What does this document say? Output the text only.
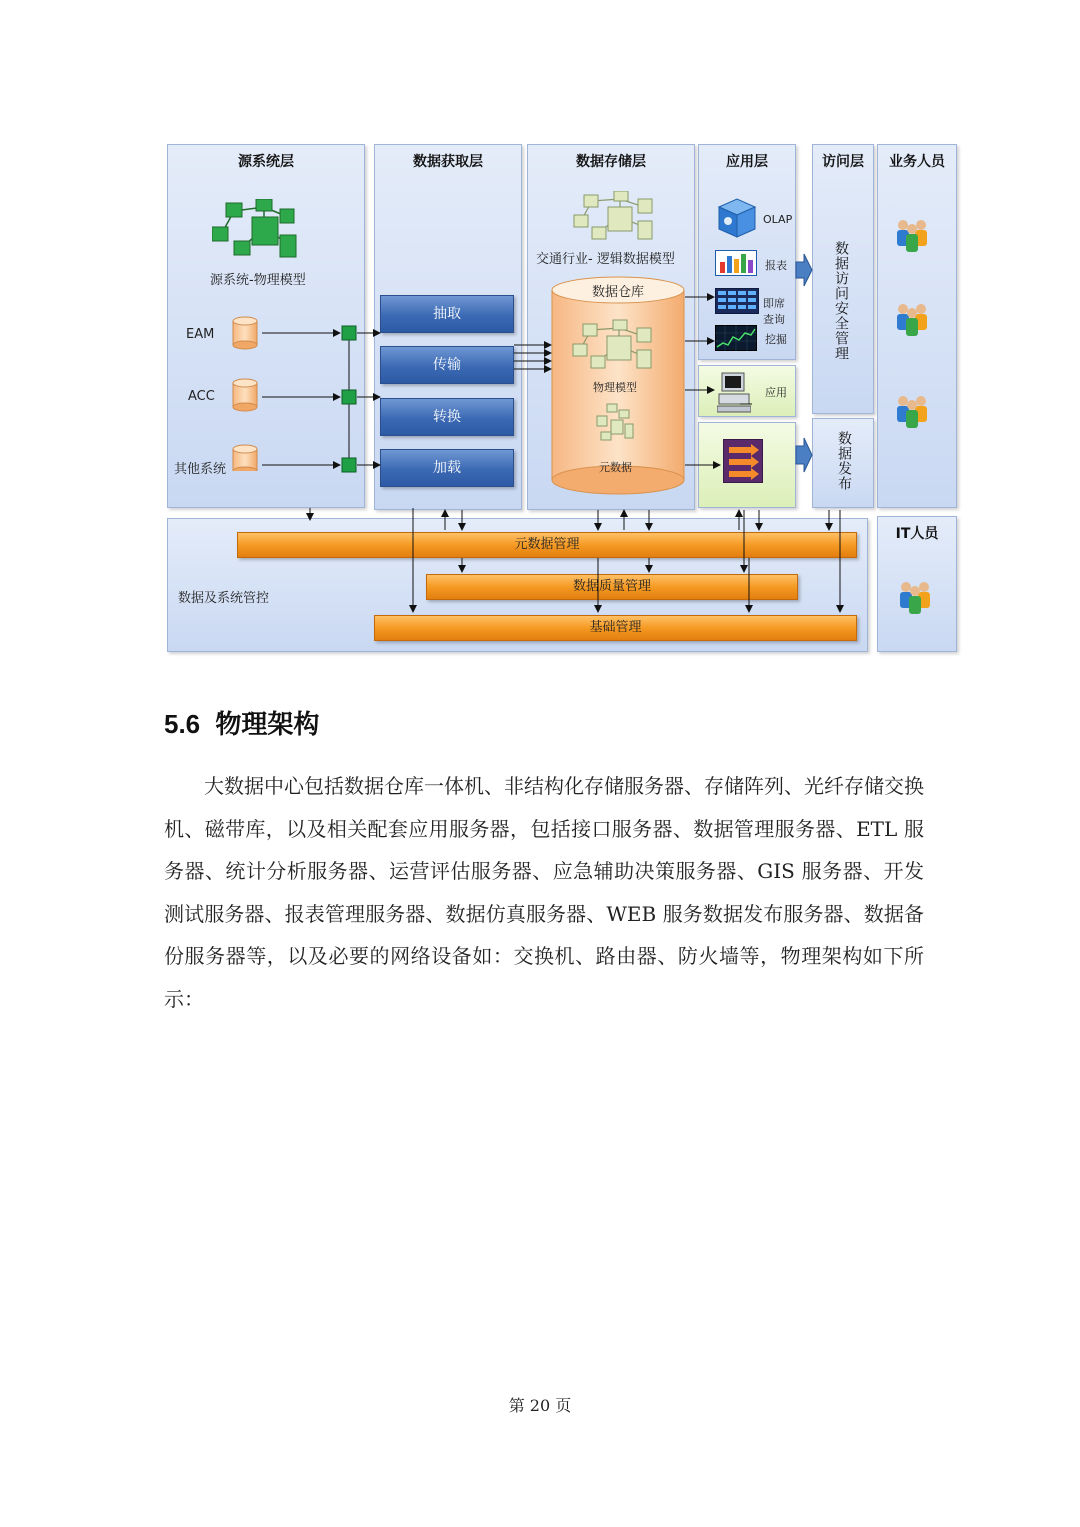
数据及系统管控
源系统层
源系统-物理模型
EAM
ACC
其他系统
数据获取层
抽取
传输
转换
加载
数据存储层
交通行业- 逻辑数据模型
数据仓库
物理模型
元数据
应用层
OLAP
报表
即席查询
挖掘
应用
访问层
数据访问安全管理
数据发布
业务人员
IT人员
元数据管理
数据质量管理
基础管理
5.6 物理架构
大数据中心包括数据仓库一体机、非结构化存储服务器、存储阵列、光纤存储交换机、磁带库，以及相关配套应用服务器，包括接口服务器、数据管理服务器、ETL 服务器、统计分析服务器、运营评估服务器、应急辅助决策服务器、GIS 服务器、开发测试服务器、报表管理服务器、数据仿真服务器、WEB 服务数据发布服务器、数据备份服务器等，以及必要的网络设备如：交换机、路由器、防火墙等，物理架构如下所示：
第 20 页
